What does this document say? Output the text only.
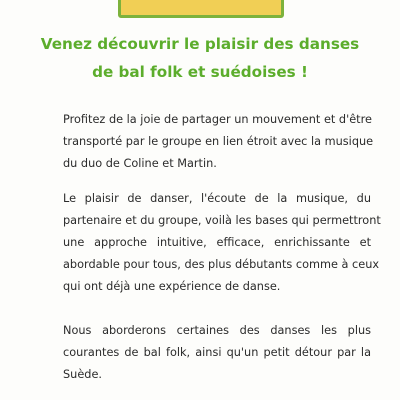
Venez découvrir le plaisir des danses
de bal folk et suédoises !

Profitez de la joie de partager un mouvement et d'être
transporté par le groupe en lien étroit avec la musique
du duo de Coline et Martin.

Le plaisir de danser, l'écoute de la musique, du
partenaire et du groupe, voilà les bases qui permettront
une approche intuitive, efficace, enrichissante et
abordable pour tous, des plus débutants comme à ceux
qui ont déjà une expérience de danse.

Nous aborderons certaines des danses les plus
courantes de bal folk, ainsi qu'un petit détour par la
Suède.
